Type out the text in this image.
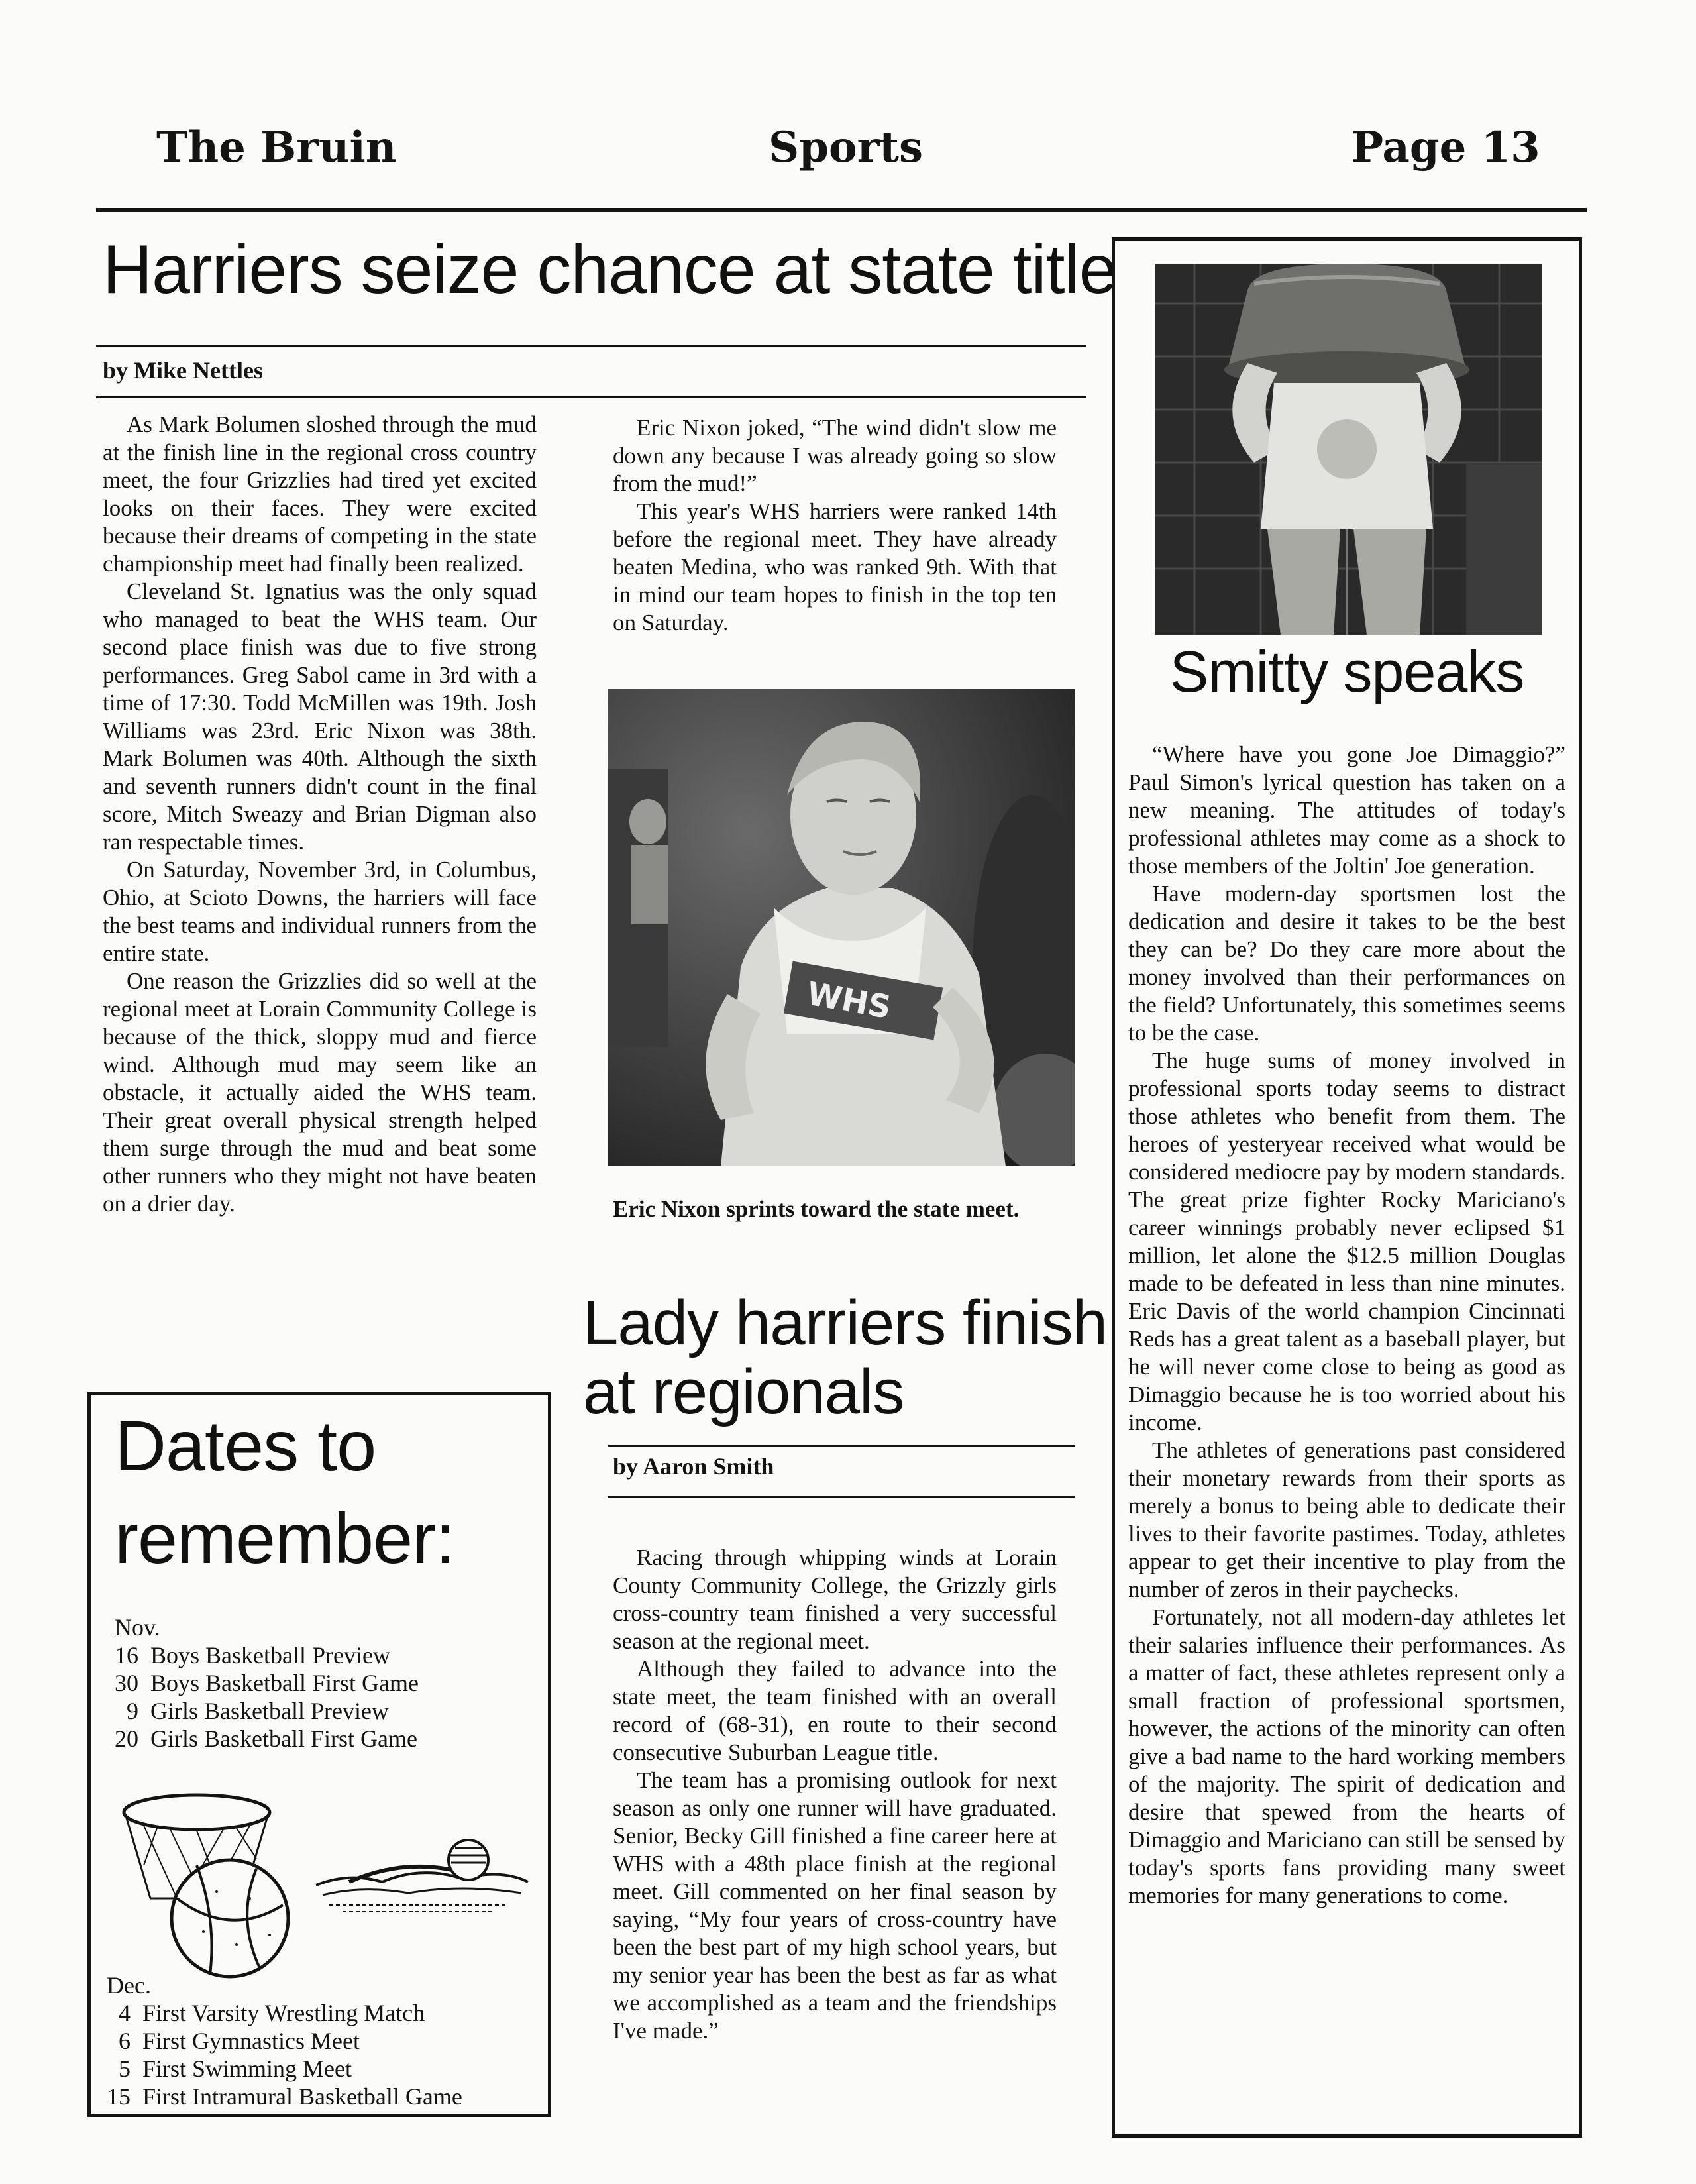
The Bruin	Sports	Page 13
Harriers seize chance at state title
by Mike Nettles

As Mark Bolumen sloshed through the mud at the finish line in the regional cross country meet, the four Grizzlies had tired yet excited looks on their faces. They were excited because their dreams of competing in the state championship meet had finally been realized.

Cleveland St. Ignatius was the only squad who managed to beat the WHS team. Our second place finish was due to five strong performances. Greg Sabol came in 3rd with a time of 17:30. Todd McMillen was 19th. Josh Williams was 23rd. Eric Nixon was 38th. Mark Bolumen was 40th. Although the sixth and seventh runners didn't count in the final score, Mitch Sweazy and Brian Digman also ran respectable times.

On Saturday, November 3rd, in Columbus, Ohio, at Scioto Downs, the harriers will face the best teams and individual runners from the entire state.

One reason the Grizzlies did so well at the regional meet at Lorain Community College is because of the thick, sloppy mud and fierce wind. Although mud may seem like an obstacle, it actually aided the WHS team. Their great overall physical strength helped them surge through the mud and beat some other runners who they might not have beaten on a drier day.

Eric Nixon joked, “The wind didn't slow me down any because I was already going so slow from the mud!”

This year's WHS harriers were ranked 14th before the regional meet. They have already beaten Medina, who was ranked 9th. With that in mind our team hopes to finish in the top ten on Saturday.

WHS
Eric Nixon sprints toward the state meet.
Dates to
remember:
Nov.
16 Boys Basketball Preview
30 Boys Basketball First Game
9 Girls Basketball Preview
20 Girls Basketball First Game
Dec.
4 First Varsity Wrestling Match
6 First Gymnastics Meet
5 First Swimming Meet
15 First Intramural Basketball Game
Lady harriers finish
at regionals
by Aaron Smith

Racing through whipping winds at Lorain County Community College, the Grizzly girls cross-country team finished a very successful season at the regional meet.

Although they failed to advance into the state meet, the team finished with an overall record of (68-31), en route to their second consecutive Suburban League title.

The team has a promising outlook for next season as only one runner will have graduated. Senior, Becky Gill finished a fine career here at WHS with a 48th place finish at the regional meet. Gill commented on her final season by saying, “My four years of cross-country have been the best part of my high school years, but my senior year has been the best as far as what we accomplished as a team and the friendships I've made.”

Smitty speaks

“Where have you gone Joe Dimaggio?” Paul Simon's lyrical question has taken on a new meaning. The attitudes of today's professional athletes may come as a shock to those members of the Joltin' Joe generation.

Have modern-day sportsmen lost the dedication and desire it takes to be the best they can be? Do they care more about the money involved than their performances on the field? Unfortunately, this sometimes seems to be the case.

The huge sums of money involved in professional sports today seems to distract those athletes who benefit from them. The heroes of yesteryear received what would be considered mediocre pay by modern standards. The great prize fighter Rocky Mariciano's career winnings probably never eclipsed $1 million, let alone the $12.5 million Douglas made to be defeated in less than nine minutes. Eric Davis of the world champion Cincinnati Reds has a great talent as a baseball player, but he will never come close to being as good as Dimaggio because he is too worried about his income.

The athletes of generations past considered their monetary rewards from their sports as merely a bonus to being able to dedicate their lives to their favorite pastimes. Today, athletes appear to get their incentive to play from the number of zeros in their paychecks.

Fortunately, not all modern-day athletes let their salaries influence their performances. As a matter of fact, these athletes represent only a small fraction of professional sportsmen, however, the actions of the minority can often give a bad name to the hard working members of the majority. The spirit of dedication and desire that spewed from the hearts of Dimaggio and Mariciano can still be sensed by today's sports fans providing many sweet memories for many generations to come.
